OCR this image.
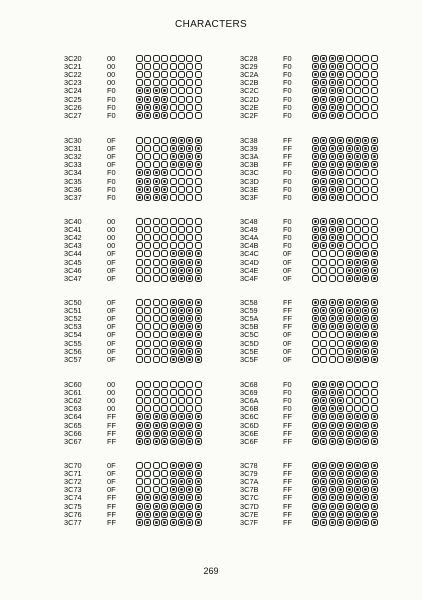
CHARACTERS
3C20	00
3C21	00
3C22	00
3C23	00
3C24	F0
3C25	F0
3C26	F0
3C27	F0
3C28	F0
3C29	F0
3C2A	F0
3C2B	F0
3C2C	F0
3C2D	F0
3C2E	F0
3C2F	F0
3C30	0F
3C31	0F
3C32	0F
3C33	0F
3C34	F0
3C35	F0
3C36	F0
3C37	F0
3C38	FF
3C39	FF
3C3A	FF
3C3B	FF
3C3C	F0
3C3D	F0
3C3E	F0
3C3F	F0
3C40	00
3C41	00
3C42	00
3C43	00
3C44	0F
3C45	0F
3C46	0F
3C47	0F
3C48	F0
3C49	F0
3C4A	F0
3C4B	F0
3C4C	0F
3C4D	0F
3C4E	0F
3C4F	0F
3C50	0F
3C51	0F
3C52	0F
3C53	0F
3C54	0F
3C55	0F
3C56	0F
3C57	0F
3C58	FF
3C59	FF
3C5A	FF
3C5B	FF
3C5C	0F
3C5D	0F
3C5E	0F
3C5F	0F
3C60	00
3C61	00
3C62	00
3C63	00
3C64	FF
3C65	FF
3C66	FF
3C67	FF
3C68	F0
3C69	F0
3C6A	F0
3C6B	F0
3C6C	FF
3C6D	FF
3C6E	FF
3C6F	FF
3C70	0F
3C71	0F
3C72	0F
3C73	0F
3C74	FF
3C75	FF
3C76	FF
3C77	FF
3C78	FF
3C79	FF
3C7A	FF
3C7B	FF
3C7C	FF
3C7D	FF
3C7E	FF
3C7F	FF
269
